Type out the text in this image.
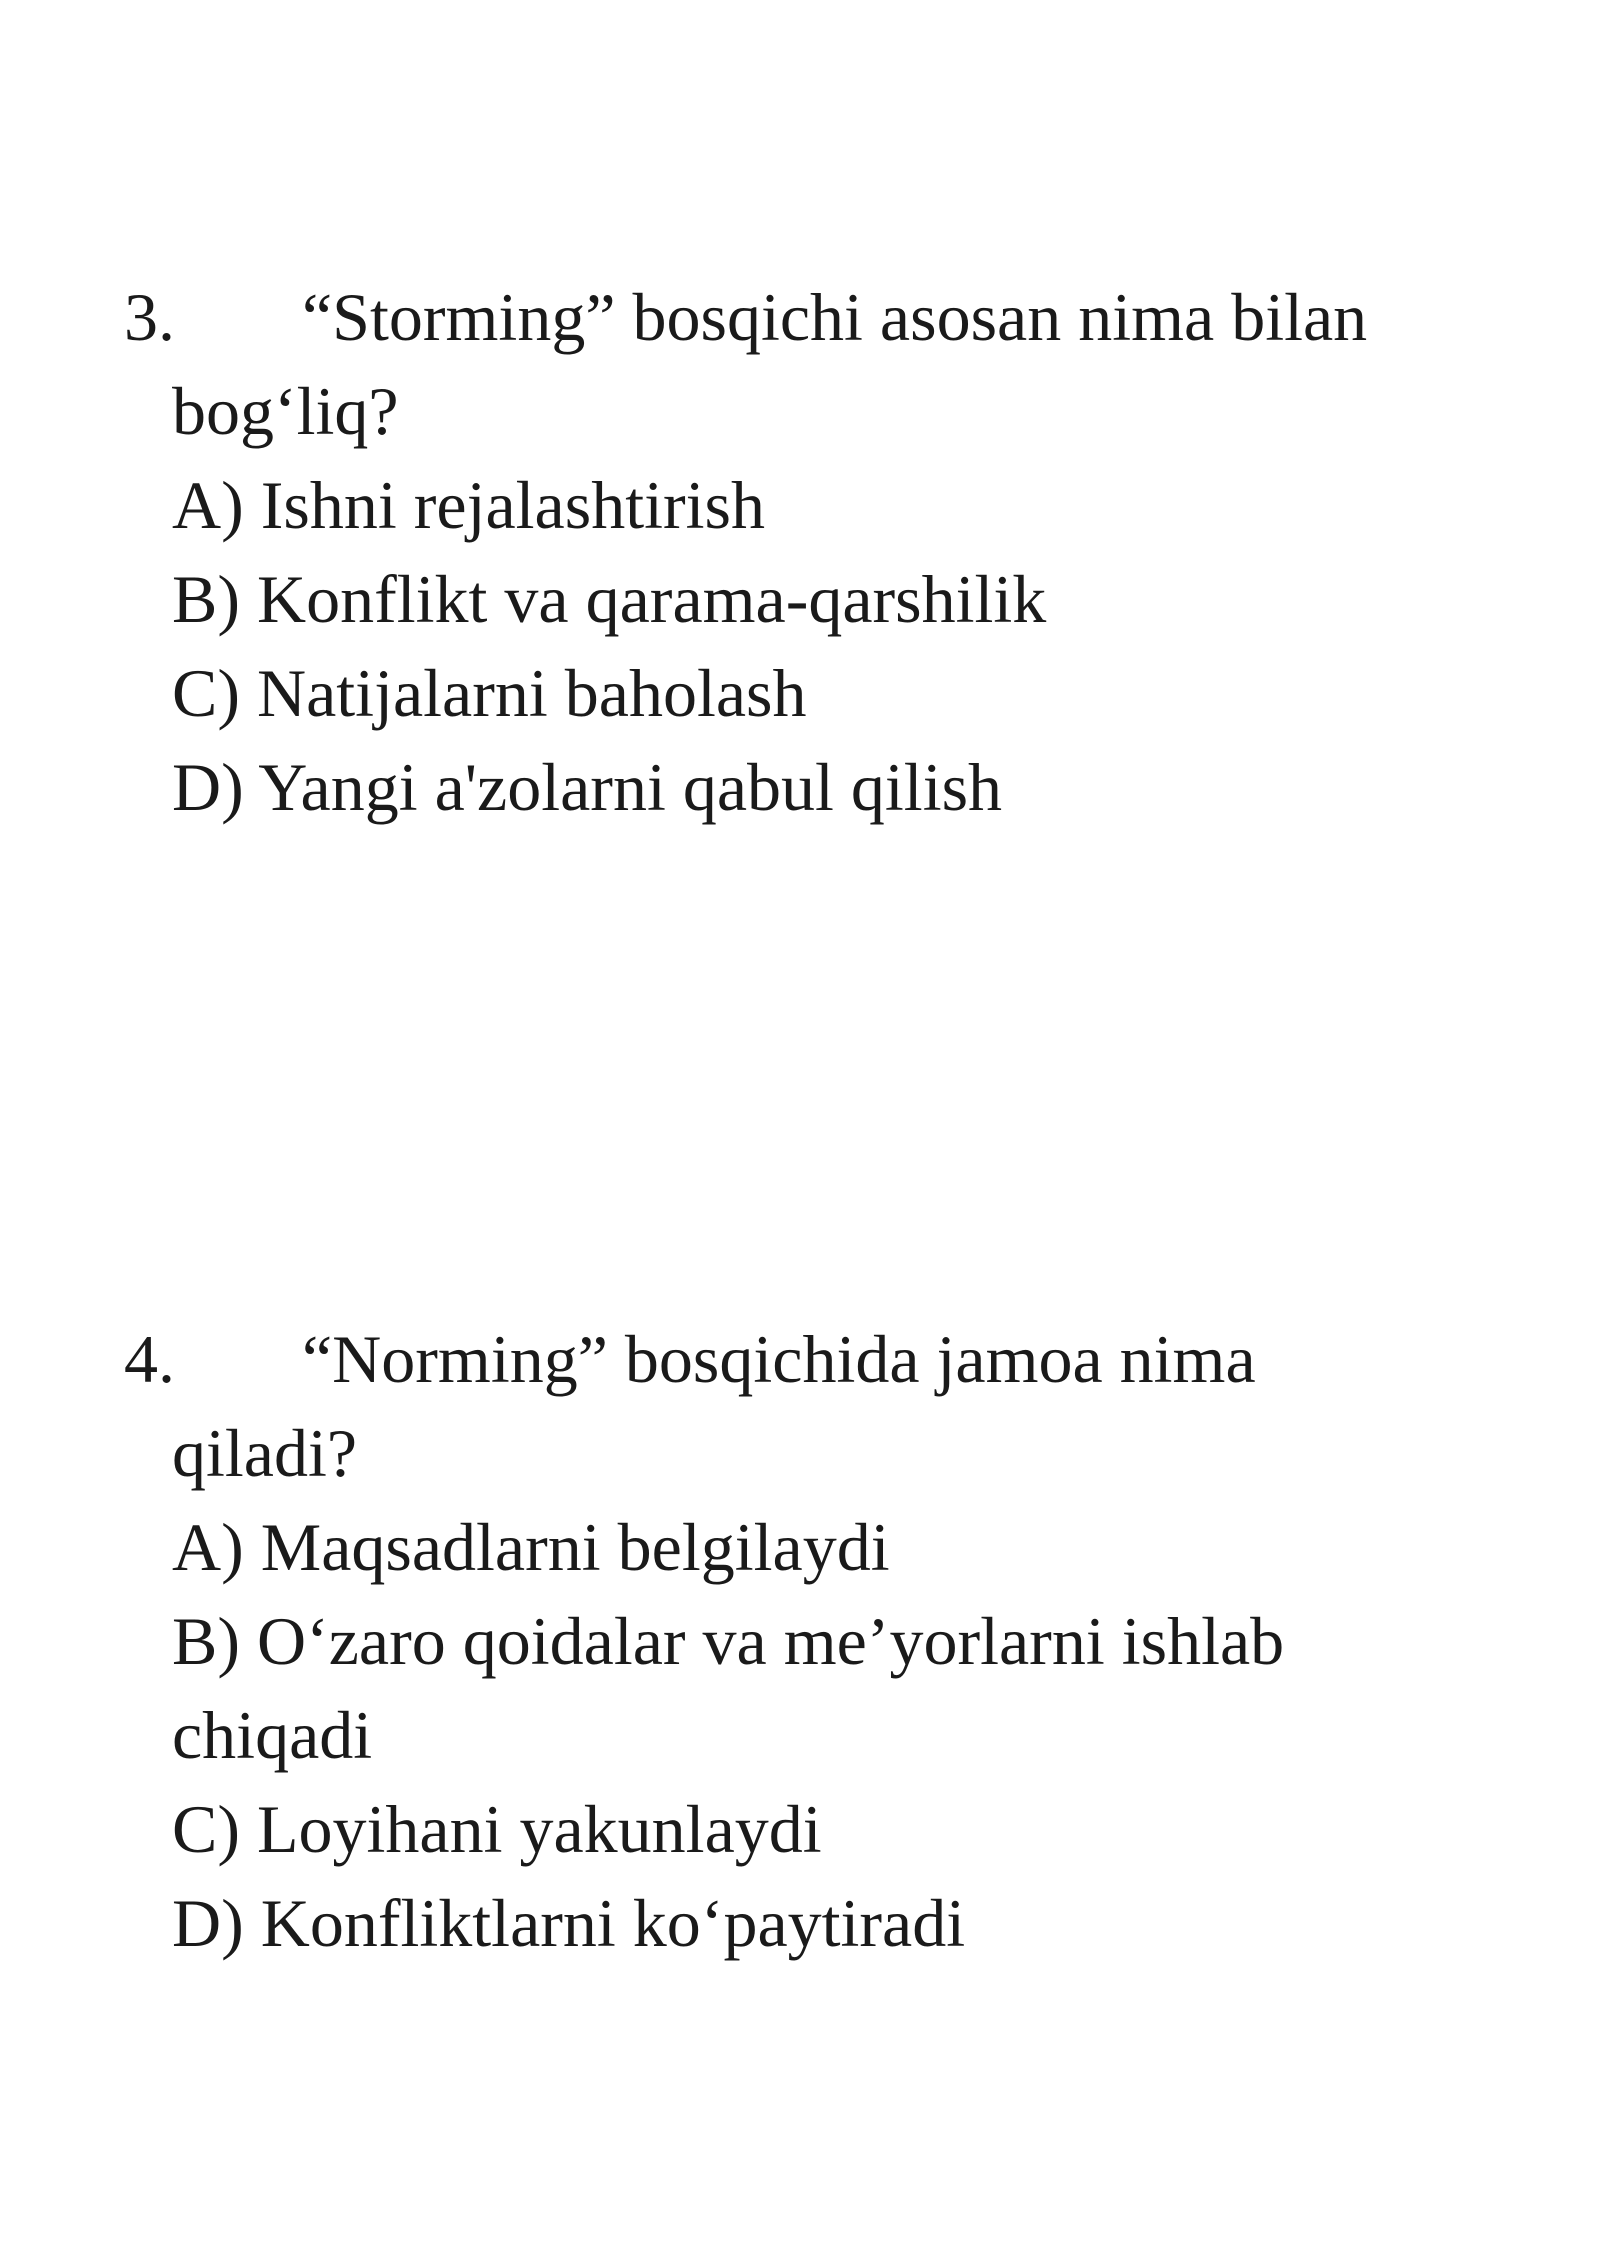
3. “Storming” bosqichi asosan nima bilan
bog‘liq?
A) Ishni rejalashtirish
B) Konflikt va qarama-qarshilik
C) Natijalarni baholash
D) Yangi a'zolarni qabul qilish
4. “Norming” bosqichida jamoa nima
qiladi?
A) Maqsadlarni belgilaydi
B) O‘zaro qoidalar va me’yorlarni ishlab
chiqadi
C) Loyihani yakunlaydi
D) Konfliktlarni ko‘paytiradi
